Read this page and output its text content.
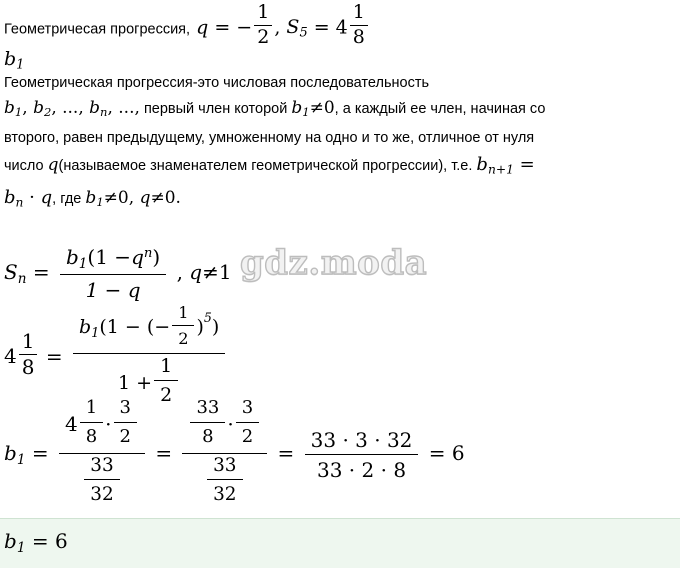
Геометричесая прогрессия, q = − $\frac{1}{2}$ , $S_5 = 4 \frac{1}{8}$
$b_1$
Геометрическая прогрессия-это числовая последовательность
$b_1$, $b_2$, ..., $b_n$, ..., первый член которой $b_1\ne 0$, а каждый ее член, начиная со
второго, равен предыдущему, умноженному на одно и то же, отличное от нуля
число q(называемое знаменателем геометрической прогрессии), т.е. $b_{n+1}$ =
$b_n \cdot q$, где $b_1\ne 0$, q≠0.
$S_n = \frac{b_1(1 -q^n)}{1 - q}$ , q≠1 gdz.moda
$4 \frac{1}{8} = \frac{b_1(1 - (- \frac{1}{2} )^5)}{1 + \frac{1}{2}}$
$b_1 = \frac{4 \frac{1}{8} \cdot \frac{3}{2}}{\frac{33}{32}} = \frac{\frac{33}{8} \cdot \frac{3}{2}}{\frac{33}{32}} = \frac{33 \cdot 3 \cdot 32}{33 \cdot 2 \cdot 8} = 6$
$b_1 = 6$
